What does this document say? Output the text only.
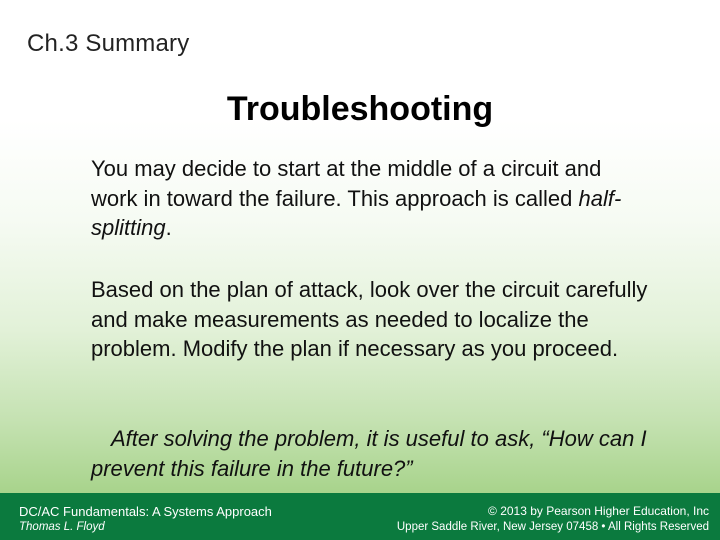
Ch.3 Summary
Troubleshooting

You may decide to start at the middle of a circuit and work in toward the failure. This approach is called half-splitting.

Based on the plan of attack, look over the circuit carefully and make measurements as needed to localize the problem. Modify the plan if necessary as you proceed.

After solving the problem, it is useful to ask, “How can I prevent this failure in the future?”

DC/AC Fundamentals: A Systems Approach
Thomas L. Floyd
© 2013 by Pearson Higher Education, Inc
Upper Saddle River, New Jersey 07458 • All Rights Reserved
